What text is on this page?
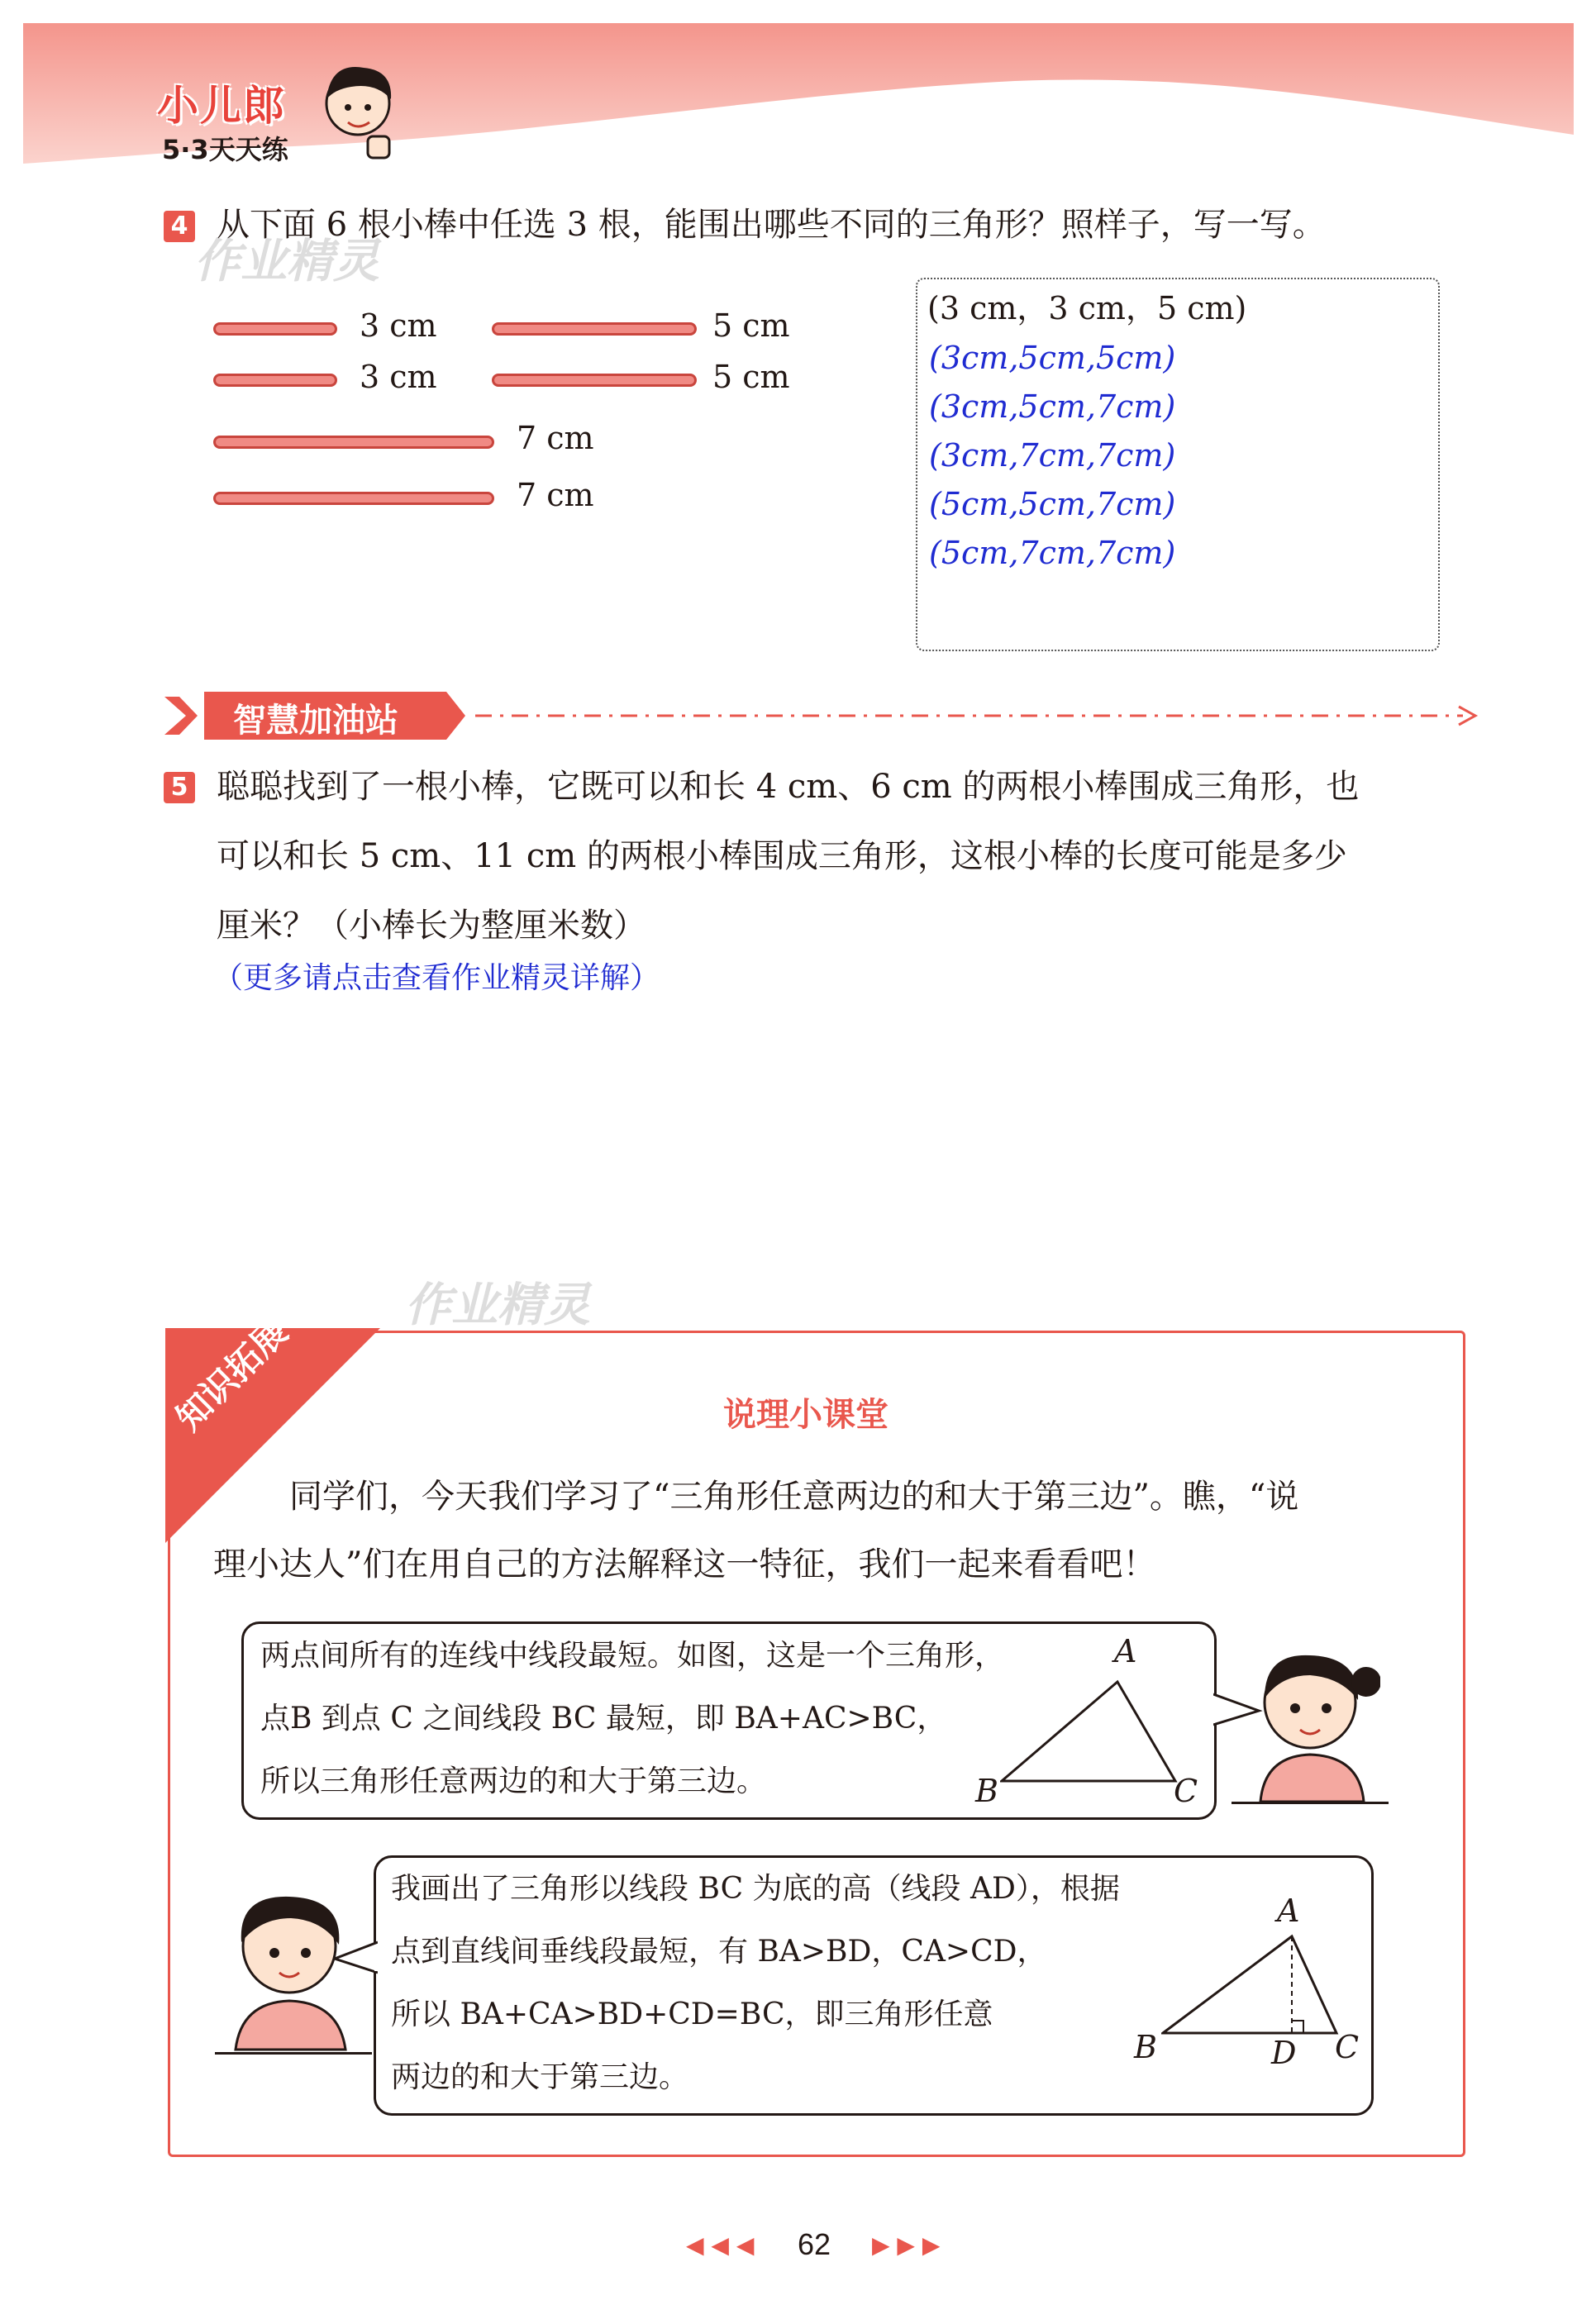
小儿郎
5·3天天练
4 从下面 6 根小棒中任选 3 根，能围出哪些不同的三角形？照样子，写一写。
作业精灵
3 cm
3 cm
5 cm
5 cm
7 cm
7 cm
(3 cm，3 cm，5 cm)
(3cm,5cm,5cm)
(3cm,5cm,7cm)
(3cm,7cm,7cm)
(5cm,5cm,7cm)
(5cm,7cm,7cm)
智慧加油站
5 聪聪找到了一根小棒，它既可以和长 4 cm、6 cm 的两根小棒围成三角形，也
可以和长 5 cm、11 cm 的两根小棒围成三角形，这根小棒的长度可能是多少
厘米？（小棒长为整厘米数）
（更多请点击查看作业精灵详解）
作业精灵
知识拓展	说理小课堂
同学们，今天我们学习了“三角形任意两边的和大于第三边”。瞧，“说
理小达人”们在用自己的方法解释这一特征，我们一起来看看吧！
两点间所有的连线中线段最短。如图，这是一个三角形，
点B 到点 C 之间线段 BC 最短，即 BA+AC>BC，
所以三角形任意两边的和大于第三边。
A
B	C
我画出了三角形以线段 BC 为底的高（线段 AD），根据
点到直线间垂线段最短，有 BA>BD，CA>CD，
所以 BA+CA>BD+CD=BC，即三角形任意
两边的和大于第三边。
A
B	D C
◀ ◀ ◀ 62 ▶ ▶ ▶
